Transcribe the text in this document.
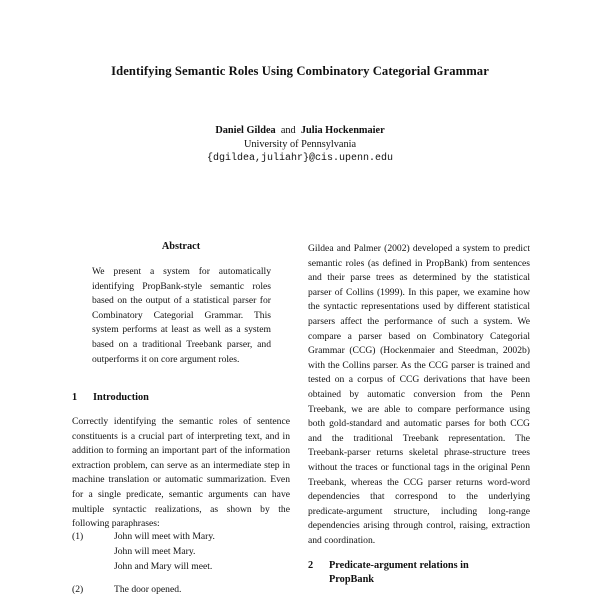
Identifying Semantic Roles Using Combinatory Categorial Grammar
Daniel Gildea and Julia Hockenmaier
University of Pennsylvania
{dgildea,juliahr}@cis.upenn.edu
Abstract

We present a system for automatically identifying PropBank-style semantic roles based on the output of a statistical parser for Combinatory Categorial Grammar. This system performs at least as well as a system based on a traditional Treebank parser, and outperforms it on core argument roles.

1 Introduction

Correctly identifying the semantic roles of sentence constituents is a crucial part of interpreting text, and in addition to forming an important part of the information extraction problem, can serve as an intermediate step in machine translation or automatic summarization. Even for a single predicate, semantic arguments can have multiple syntactic realizations, as shown by the following paraphrases:

(1)	John will meet with Mary.
John will meet Mary.
John and Mary will meet.
(2)	The door opened.

Gildea and Palmer (2002) developed a system to predict semantic roles (as defined in PropBank) from sentences and their parse trees as determined by the statistical parser of Collins (1999). In this paper, we examine how the syntactic representations used by different statistical parsers affect the performance of such a system. We compare a parser based on Combinatory Categorial Grammar (CCG) (Hockenmaier and Steedman, 2002b) with the Collins parser. As the CCG parser is trained and tested on a corpus of CCG derivations that have been obtained by automatic conversion from the Penn Treebank, we are able to compare performance using both gold-standard and automatic parses for both CCG and the traditional Treebank representation. The Treebank-parser returns skeletal phrase-structure trees without the traces or functional tags in the original Penn Treebank, whereas the CCG parser returns word-word dependencies that correspond to the underlying predicate-argument structure, including long-range dependencies arising through control, raising, extraction and coordination.

2 Predicate-argument relations in
PropBank
